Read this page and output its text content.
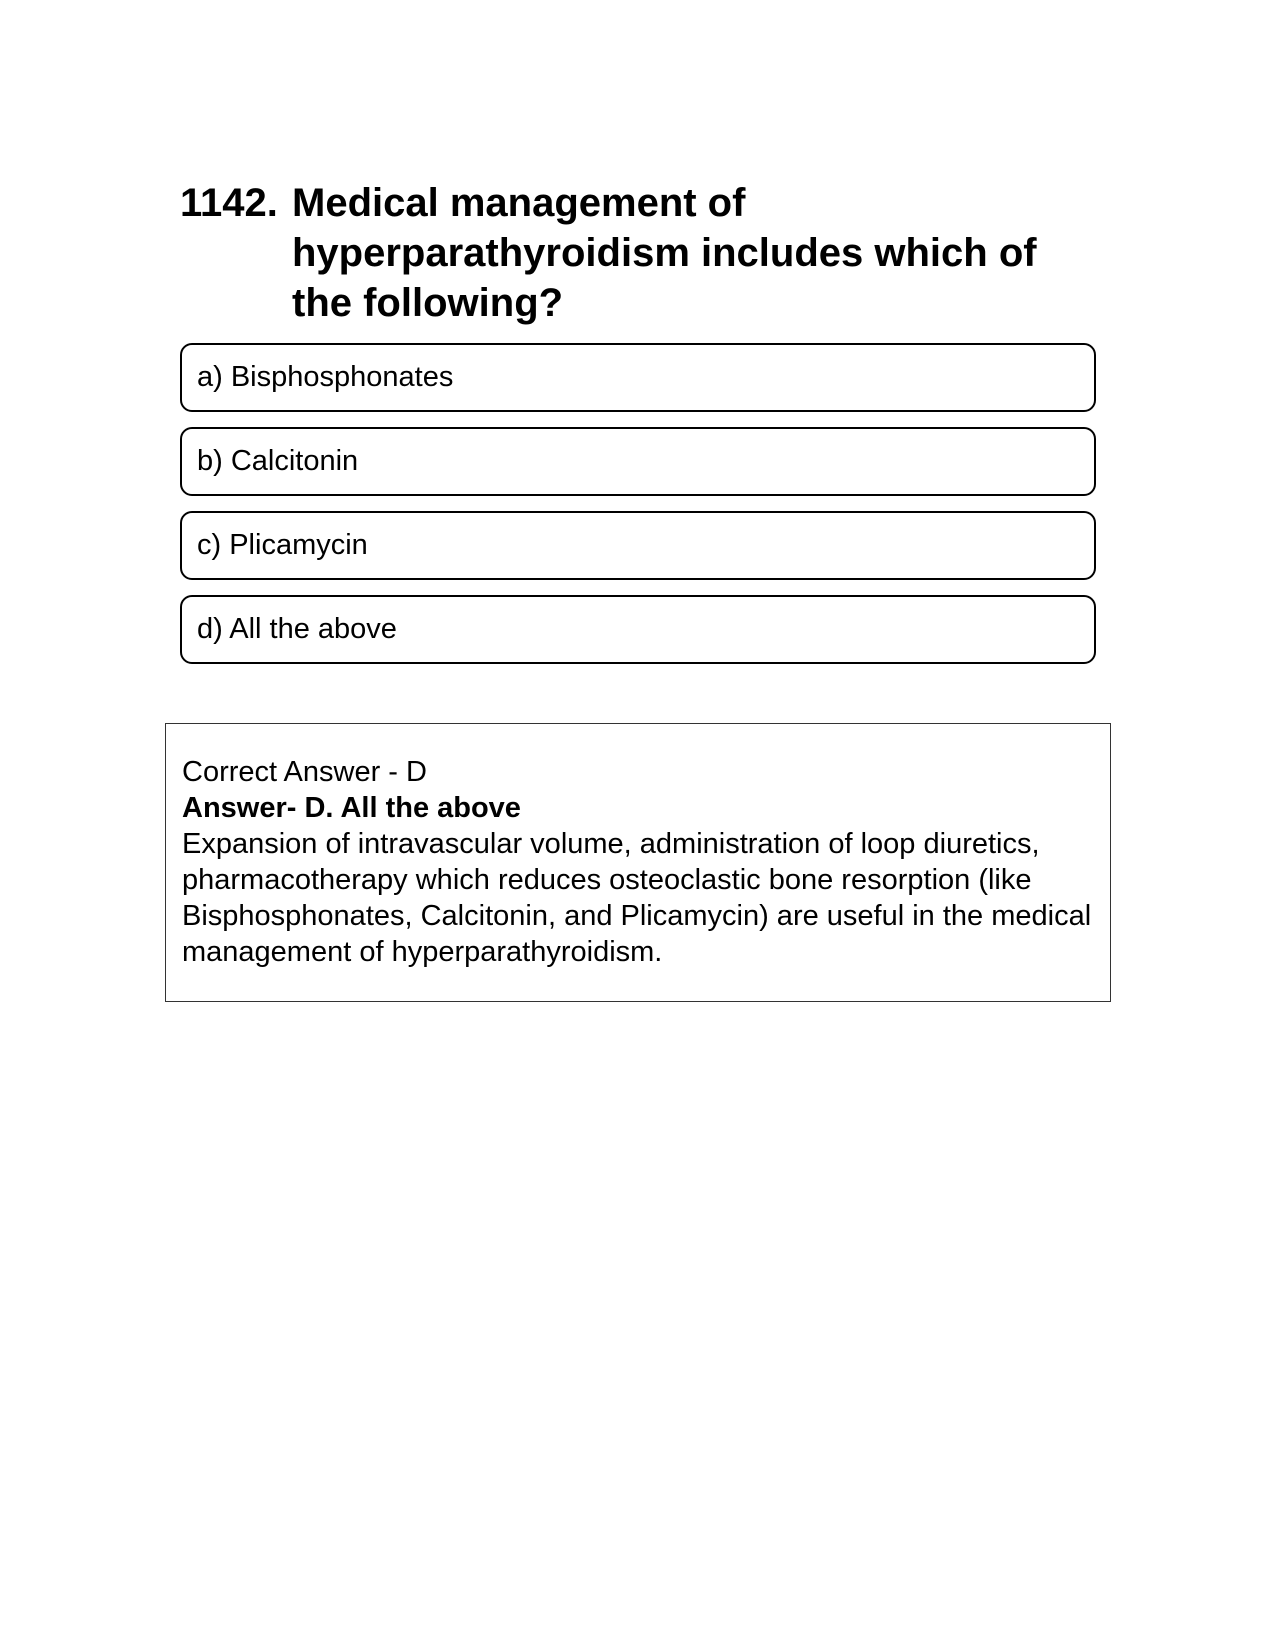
1142. Medical management of hyperparathyroidism includes which of the following?
a) Bisphosphonates
b) Calcitonin
c) Plicamycin
d) All the above
Correct Answer - D
Answer- D. All the above
Expansion of intravascular volume, administration of loop diuretics, pharmacotherapy which reduces osteoclastic bone resorption (like Bisphosphonates, Calcitonin, and Plicamycin) are useful in the medical management of hyperparathyroidism.
